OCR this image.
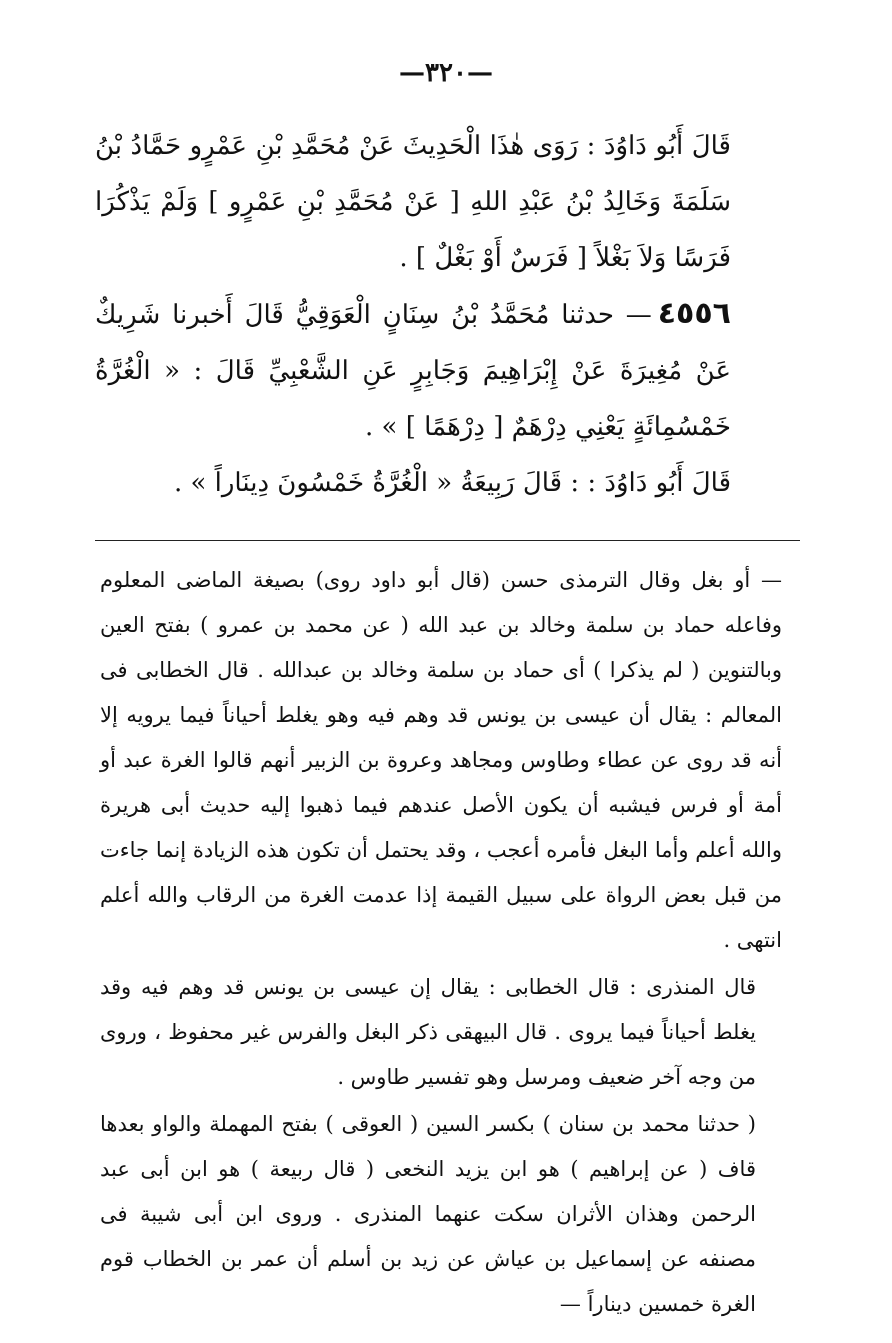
—٣٢٠—

قَالَ أَبُو دَاوُدَ : رَوَى هٰذَا الْحَدِيثَ عَنْ مُحَمَّدِ بْنِ عَمْرٍو حَمَّادُ بْنُ سَلَمَةَ وَخَالِدُ بْنُ عَبْدِ اللهِ [ عَنْ مُحَمَّدِ بْنِ عَمْرٍو ] وَلَمْ يَذْكُرَا فَرَسًا وَلاَ بَغْلاً [ فَرَسٌ أَوْ بَغْلٌ ] .

٤٥٥٦— حدثنا مُحَمَّدُ بْنُ سِنَانٍ الْعَوَقِيُّ قَالَ أَخبرنا شَرِيكٌ عَنْ مُغِيرَةَ عَنْ إِبْرَاهِيمَ وَجَابِرٍ عَنِ الشَّعْبِيِّ قَالَ : « الْغُرَّةُ خَمْسُمِائَةٍ يَعْنِي دِرْهَمٌ [ دِرْهَمًا ] » .

قَالَ أَبُو دَاوُدَ : : قَالَ رَبِيعَةُ « الْغُرَّةُ خَمْسُونَ دِينَاراً » .

— أو بغل وقال الترمذى حسن (قال أبو داود روى) بصيغة الماضى المعلوم وفاعله حماد بن سلمة وخالد بن عبد الله ( عن محمد بن عمرو ) بفتح العين وبالتنوين ( لم يذكرا ) أى حماد بن سلمة وخالد بن عبدالله . قال الخطابى فى المعالم : يقال أن عيسى بن يونس قد وهم فيه وهو يغلط أحياناً فيما يرويه إلا أنه قد روى عن عطاء وطاوس ومجاهد وعروة بن الزبير أنهم قالوا الغرة عبد أو أمة أو فرس فيشبه أن يكون الأصل عندهم فيما ذهبوا إليه حديث أبى هريرة والله أعلم وأما البغل فأمره أعجب ، وقد يحتمل أن تكون هذه الزيادة إنما جاءت من قبل بعض الرواة على سبيل القيمة إذا عدمت الغرة من الرقاب والله أعلم انتهى .

قال المنذرى : قال الخطابى : يقال إن عيسى بن يونس قد وهم فيه وقد يغلط أحياناً فيما يروى . قال البيهقى ذكر البغل والفرس غير محفوظ ، وروى من وجه آخر ضعيف ومرسل وهو تفسير طاوس .

( حدثنا محمد بن سنان ) بكسر السين ( العوقى ) بفتح المهملة والواو بعدها قاف ( عن إبراهيم ) هو ابن يزيد النخعى ( قال ربيعة ) هو ابن أبى عبد الرحمن وهذان الأثران سكت عنهما المنذرى . وروى ابن أبى شيبة فى مصنفه عن إسماعيل بن عياش عن زيد بن أسلم أن عمر بن الخطاب قوم الغرة خمسين ديناراً —
